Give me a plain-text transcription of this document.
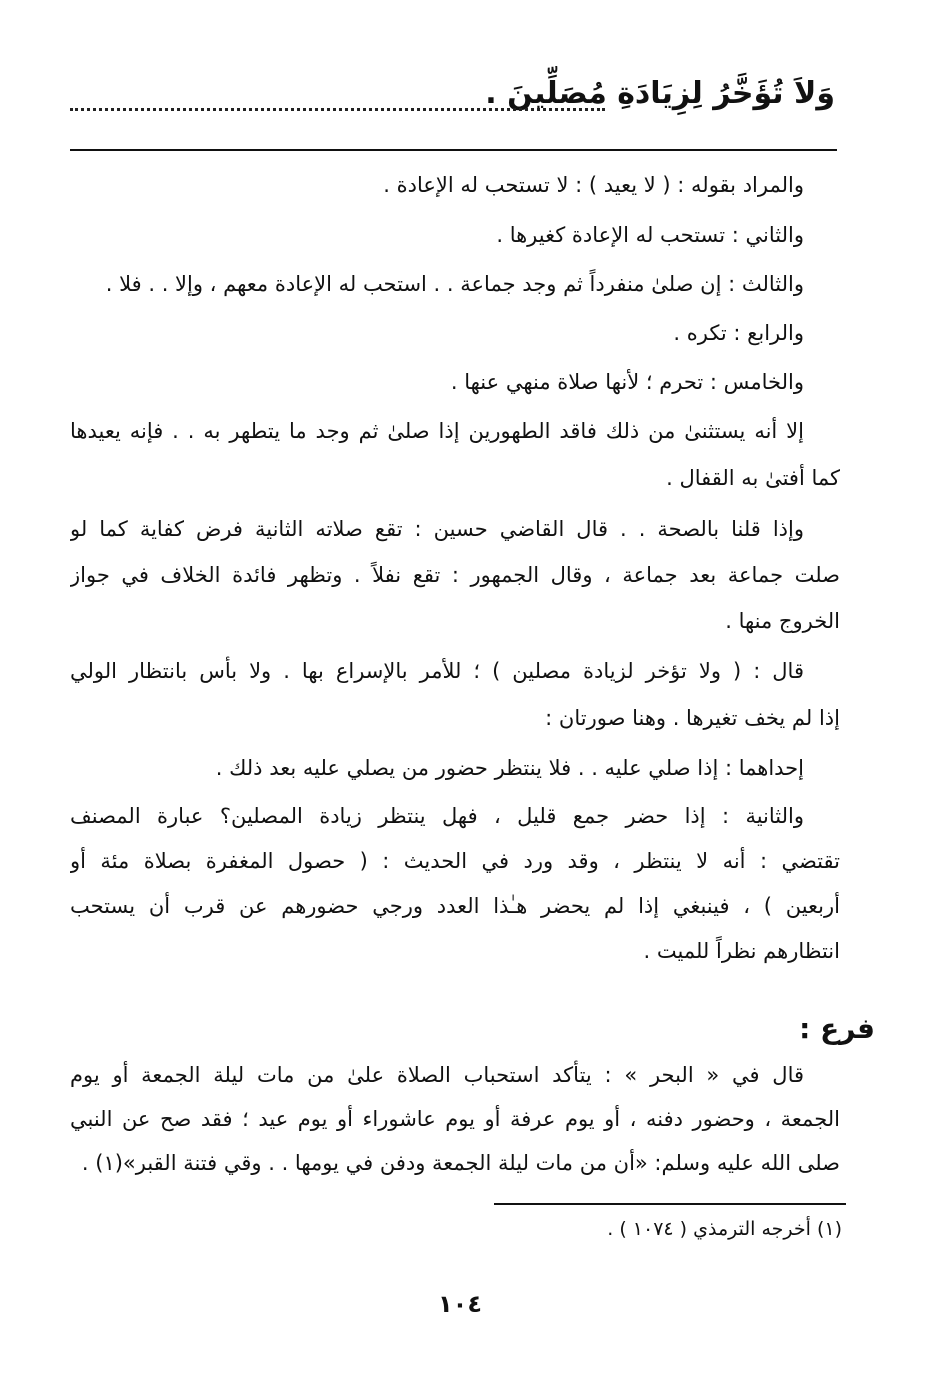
وَلاَ تُؤَخَّرُ لِزِيَادَةِ مُصَلِّينَ .
والمراد بقوله : ( لا يعيد ) : لا تستحب له الإعادة .
والثاني : تستحب له الإعادة كغيرها .
والثالث : إن صلىٰ منفرداً ثم وجد جماعة . . استحب له الإعادة معهم ، وإلا . . فلا .
والرابع : تكره .
والخامس : تحرم ؛ لأنها صلاة منهي عنها .
إلا أنه يستثنىٰ من ذلك فاقد الطهورين إذا صلىٰ ثم وجد ما يتطهر به . . فإنه يعيدها
كما أفتىٰ به القفال .
وإذا قلنا بالصحة . . قال القاضي حسين : تقع صلاته الثانية فرض كفاية كما لو
صلت جماعة بعد جماعة ، وقال الجمهور : تقع نفلاً . وتظهر فائدة الخلاف في جواز
الخروج منها .
قال : ( ولا تؤخر لزيادة مصلين ) ؛ للأمر بالإسراع بها . ولا بأس بانتظار الولي
إذا لم يخف تغيرها . وهنا صورتان :
إحداهما : إذا صلي عليه . . فلا ينتظر حضور من يصلي عليه بعد ذلك .
والثانية : إذا حضر جمع قليل ، فهل ينتظر زيادة المصلين؟ عبارة المصنف
تقتضي : أنه لا ينتظر ، وقد ورد في الحديث : ( حصول المغفرة بصلاة مئة أو
أربعين ) ، فينبغي إذا لم يحضر هـٰذا العدد ورجي حضورهم عن قرب أن يستحب
انتظارهم نظراً للميت .
فرع :
قال في « البحر » : يتأكد استحباب الصلاة علىٰ من مات ليلة الجمعة أو يوم
الجمعة ، وحضور دفنه ، أو يوم عرفة أو يوم عاشوراء أو يوم عيد ؛ فقد صح عن النبي
صلى الله عليه وسلم: «أن من مات ليلة الجمعة ودفن في يومها . . وقي فتنة القبر»(١) .
(١) أخرجه الترمذي ( ١٠٧٤ ) .
١٠٤
